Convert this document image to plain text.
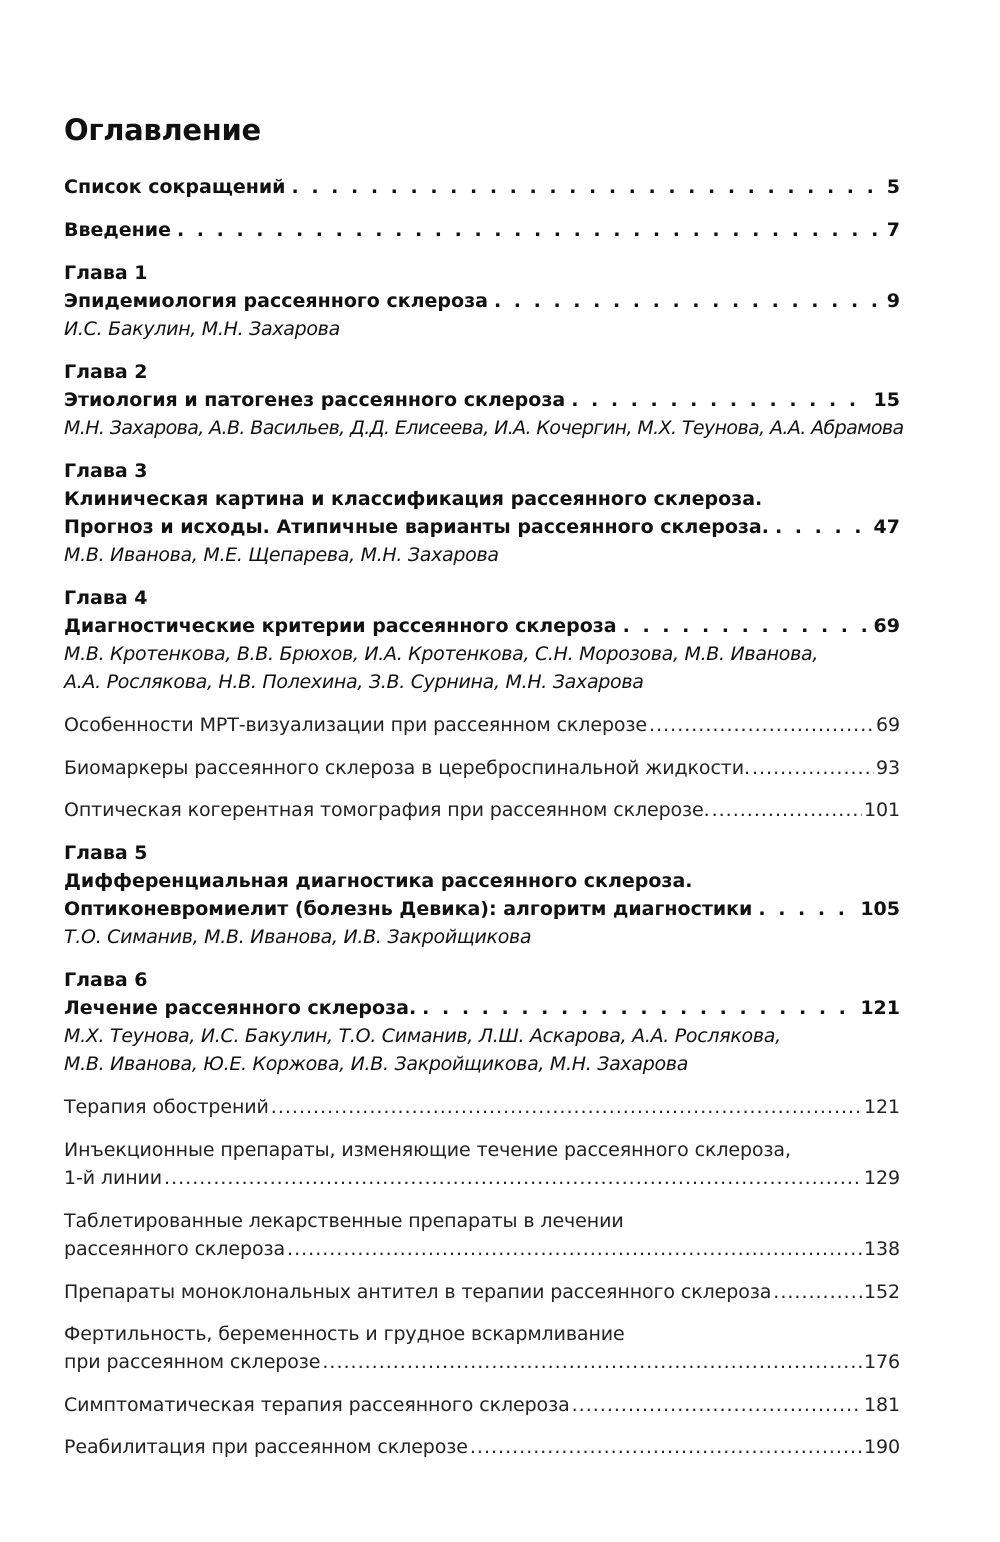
Оглавление
Список сокращений . . .	5
Введение . . .	7
Глава 1
Эпидемиология рассеянного склероза . . .	9
И.С. Бакулин, М.Н. Захарова
Глава 2
Этиология и патогенез рассеянного склероза . . .	15
М.Н. Захарова, А.В. Васильев, Д.Д. Елисеева, И.А. Кочергин, М.Х. Теунова, А.А. Абрамова
Глава 3
Клиническая картина и классификация рассеянного склероза.
Прогноз и исходы. Атипичные варианты рассеянного склероза. . . .	47
М.В. Иванова, М.Е. Щепарева, М.Н. Захарова
Глава 4
Диагностические критерии рассеянного склероза . . .	69
М.В. Кротенкова, В.В. Брюхов, И.А. Кротенкова, С.Н. Морозова, М.В. Иванова,
А.А. Рослякова, Н.В. Полехина, З.В. Сурнина, М.Н. Захарова
Особенности МРТ-визуализации при рассеянном склерозе .....	69
Биомаркеры рассеянного склероза в цереброспинальной жидкости. .....	93
Оптическая когерентная томография при рассеянном склерозе. .....	101
Глава 5
Дифференциальная диагностика рассеянного склероза.
Оптиконевромиелит (болезнь Девика): алгоритм диагностики . . .	105
Т.О. Симанив, М.В. Иванова, И.В. Закройщикова
Глава 6
Лечение рассеянного склероза. . . .	121
М.Х. Теунова, И.С. Бакулин, Т.О. Симанив, Л.Ш. Аскарова, А.А. Рослякова,
М.В. Иванова, Ю.Е. Коржова, И.В. Закройщикова, М.Н. Захарова
Терапия обострений .....	121
Инъекционные препараты, изменяющие течение рассеянного склероза,
1-й линии .....	129
Таблетированные лекарственные препараты в лечении
рассеянного склероза .....	138
Препараты моноклональных антител в терапии рассеянного склероза .....	152
Фертильность, беременность и грудное вскармливание
при рассеянном склерозе .....	176
Симптоматическая терапия рассеянного склероза .....	181
Реабилитация при рассеянном склерозе .....	190
